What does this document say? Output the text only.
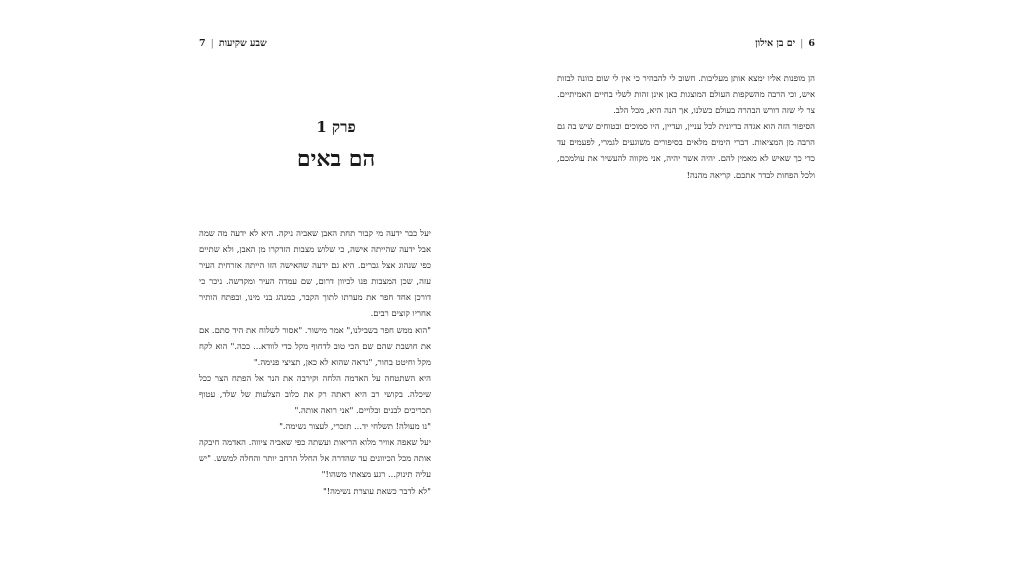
שבע שקיעות|7
פרק 1
הם באים

יעל כבר ידעה מי קבור תחת האבן שאביה ניקה. היא לא ידעה מה שמה אבל ידעה שהייתה אישה, כי שלוש מצבות הזדקרו מן האבן, ולא שתיים כפי שנהוג אצל גברים. היא גם ידעה שהאישה הזו הייתה אזרחית העיר עזה, שכן המצבות פנו לכיוון דרום, שם עמדה העיר ומקדשה. ניכר כי דורכן אחד חפר את מערתו לתוך הקבר, כמנהג בני מינו, ובפתח הותיר אחריו קוצים רבים.

"הוא ממש חפר בשבילנו," אמר מישור. "אסור לשלוח את היד סתם. אם את חושבת שהם שם הכי טוב לדחוף מקל כדי לוודא... ככה." הוא לקח מקל וחיטט בחור, "נראה שהוא לא כאן, תציצי פנימה."

היא השתטחה על האדמה הלחה וקירבה את הנר אל הפתח הצר ככל שיכלה. בקושי רב היא ראתה רק את כלוב הצלעות של שלד, עטוף תכריכים לבנים ובלויים. "אני רואה אותה."

"נו מעולה! תשלחי יד... תזכרי, לעצור נשימה."

יעל שאפה אוויר מלוא הריאות ועשתה כפי שאביה ציווה. האדמה חיבקה אותה מכל הכיוונים עד שהדרה אל החלל הרחב יותר והחלה למשש. "יש עליה תינוק... רגע מצאתי משהו!"

"לא לדבר כשאת עוצרת נשימה!"

6|ים בן אילון

הן מופנות אליו ימצא אותן מעליבות. חשוב לי להבהיר כי אין לי שום כוונה לבזות איש, וכי הרבה מהשקפות העולם המוצגות כאן אינן זהות לשלי בחיים האמיתיים. צר לי שזה דורש הבהרה בעולם כשלנו, אך הנה היא, מכל הלב.

הסיפור הזה הוא אגדה בדיונית לכל עניין, ועדיין, היו סמוכים ובטוחים שיש בה גם הרבה מן המציאות. דברי הימים מלאים בסיפורים משוגעים לגמרי, לפעמים עד כדי כך שאיש לא מאמין להם. יהיה אשר יהיה, אני מקווה להעשיר את עולמכם, ולכל הפחות לבדר אתכם. קריאה מהנה!
